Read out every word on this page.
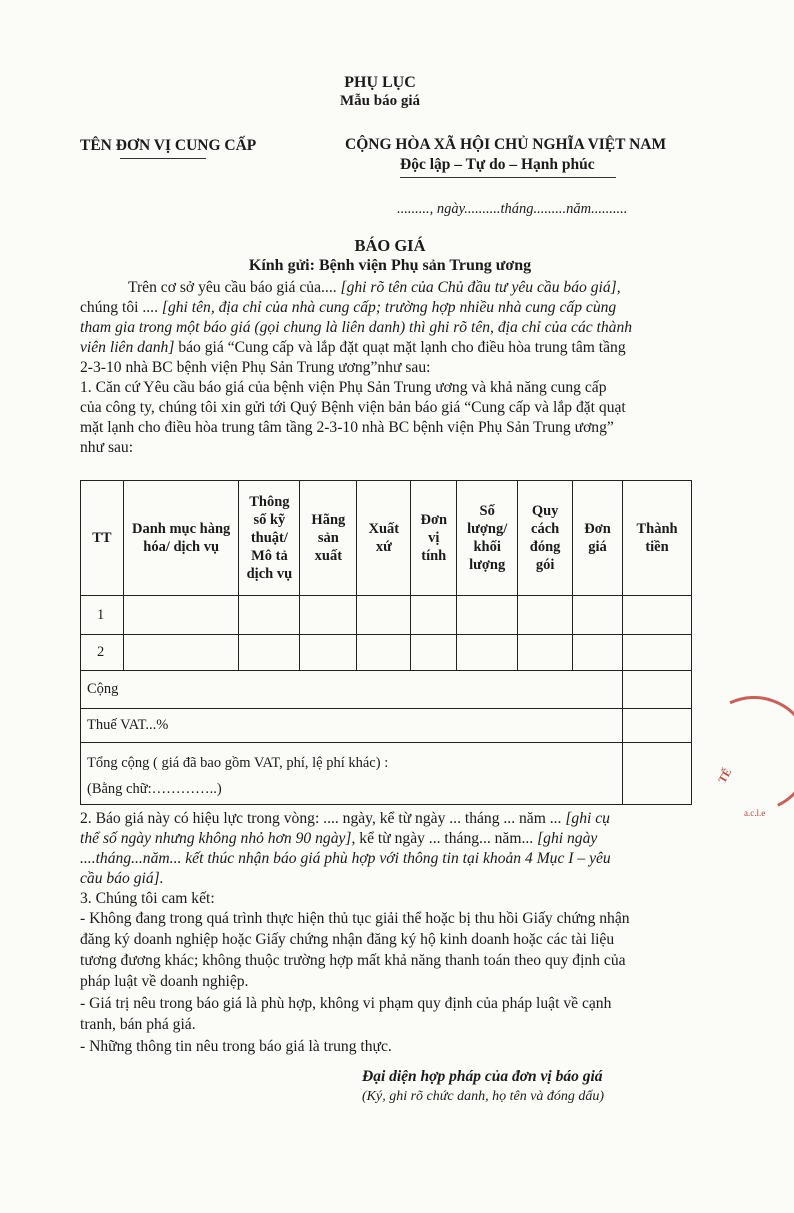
PHỤ LỤC
Mẫu báo giá
TÊN ĐƠN VỊ CUNG CẤP	CỘNG HÒA XÃ HỘI CHỦ NGHĨA VIỆT NAM
Độc lập – Tự do – Hạnh phúc
........., ngày..........tháng.........năm..........
BÁO GIÁ
Kính gửi: Bệnh viện Phụ sản Trung ương
Trên cơ sở yêu cầu báo giá của.... [ghi rõ tên của Chủ đầu tư yêu cầu báo giá],
chúng tôi .... [ghi tên, địa chỉ của nhà cung cấp; trường hợp nhiều nhà cung cấp cùng
tham gia trong một báo giá (gọi chung là liên danh) thì ghi rõ tên, địa chỉ của các thành
viên liên danh] báo giá “Cung cấp và lắp đặt quạt mặt lạnh cho điều hòa trung tâm tầng
2-3-10 nhà BC bệnh viện Phụ Sản Trung ương”như sau:
1. Căn cứ Yêu cầu báo giá của bệnh viện Phụ Sản Trung ương và khả năng cung cấp
của công ty, chúng tôi xin gửi tới Quý Bệnh viện bản báo giá “Cung cấp và lắp đặt quạt
mặt lạnh cho điều hòa trung tâm tầng 2-3-10 nhà BC bệnh viện Phụ Sản Trung ương”
như sau:
TT	Danh mục hàng hóa/ dịch vụ	Thông số kỹ thuật/ Mô tả dịch vụ	Hãng sản xuất	Xuất xứ	Đơn vị tính	Số lượng/ khối lượng	Quy cách đóng gói	Đơn giá	Thành tiền
1									
2									
Cộng									
Thuế VAT...%									

Tổng cộng ( giá đã bao gồm VAT, phí, lệ phí khác) :
(Bằng chữ:…………..)									

2. Báo giá này có hiệu lực trong vòng: .... ngày, kể từ ngày ... tháng ... năm ... [ghi cụ
thể số ngày nhưng không nhỏ hơn 90 ngày], kể từ ngày ... tháng... năm... [ghi ngày
....tháng...năm... kết thúc nhận báo giá phù hợp với thông tin tại khoản 4 Mục I – yêu
cầu báo giá].
3. Chúng tôi cam kết:
- Không đang trong quá trình thực hiện thủ tục giải thể hoặc bị thu hồi Giấy chứng nhận
đăng ký doanh nghiệp hoặc Giấy chứng nhận đăng ký hộ kinh doanh hoặc các tài liệu
tương đương khác; không thuộc trường hợp mất khả năng thanh toán theo quy định của
pháp luật về doanh nghiệp.
- Giá trị nêu trong báo giá là phù hợp, không vi phạm quy định của pháp luật về cạnh
tranh, bán phá giá.
- Những thông tin nêu trong báo giá là trung thực.
Đại diện hợp pháp của đơn vị báo giá
(Ký, ghi rõ chức danh, họ tên và đóng dấu)
TẾ
a.c.l.e
